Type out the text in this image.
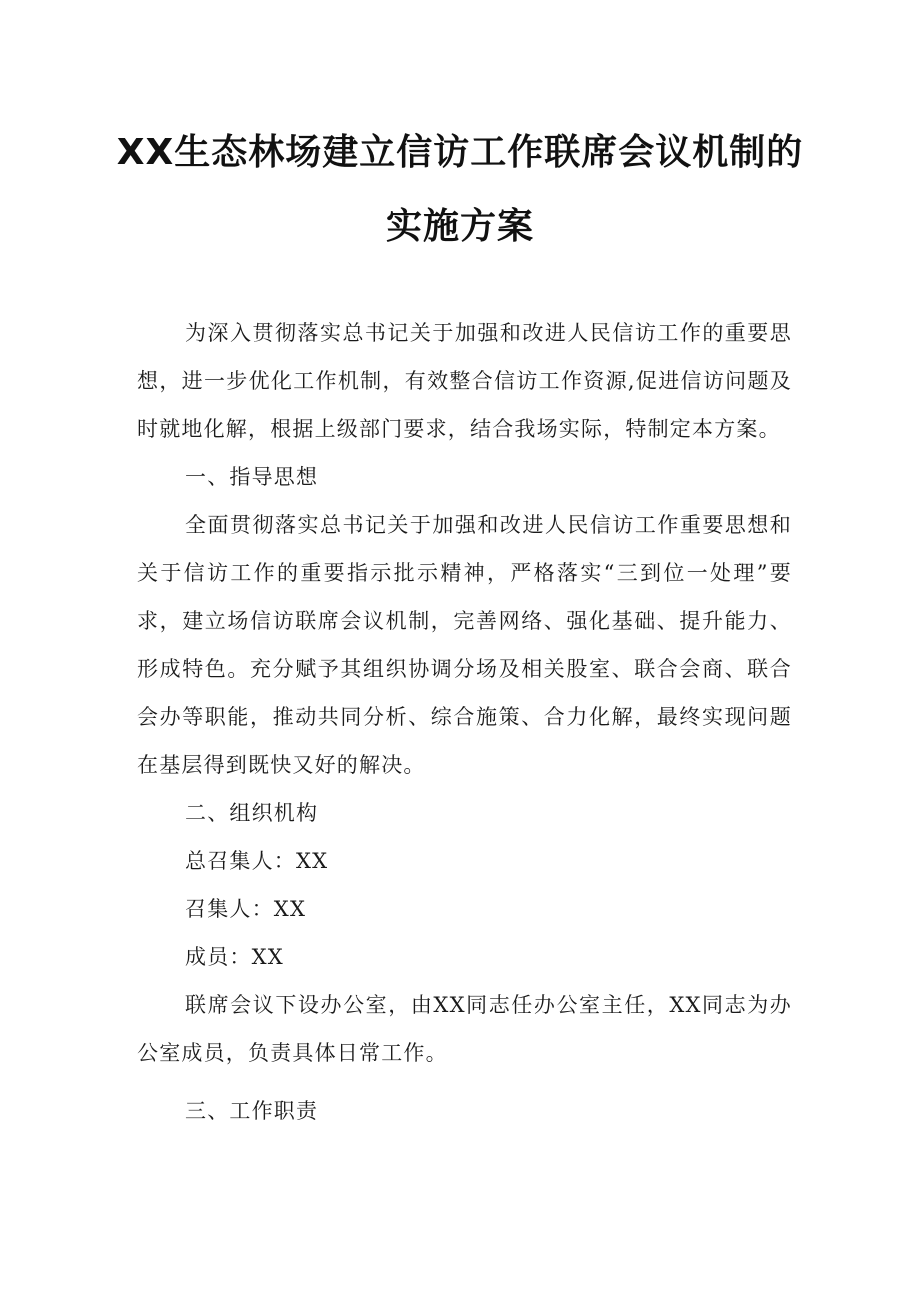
XX生态林场建立信访工作联席会议机制的
实施方案

为深入贯彻落实总书记关于加强和改进人民信访工作的重要思想，进一步优化工作机制，有效整合信访工作资源,促进信访问题及时就地化解，根据上级部门要求，结合我场实际，特制定本方案。

一、指导思想

全面贯彻落实总书记关于加强和改进人民信访工作重要思想和关于信访工作的重要指示批示精神，严格落实“三到位一处理”要求，建立场信访联席会议机制，完善网络、强化基础、提升能力、形成特色。充分赋予其组织协调分场及相关股室、联合会商、联合会办等职能，推动共同分析、综合施策、合力化解，最终实现问题在基层得到既快又好的解决。

二、组织机构

总召集人：XX

召集人：XX

成员：XX

联席会议下设办公室，由XX同志任办公室主任，XX同志为办公室成员，负责具体日常工作。

三、工作职责
